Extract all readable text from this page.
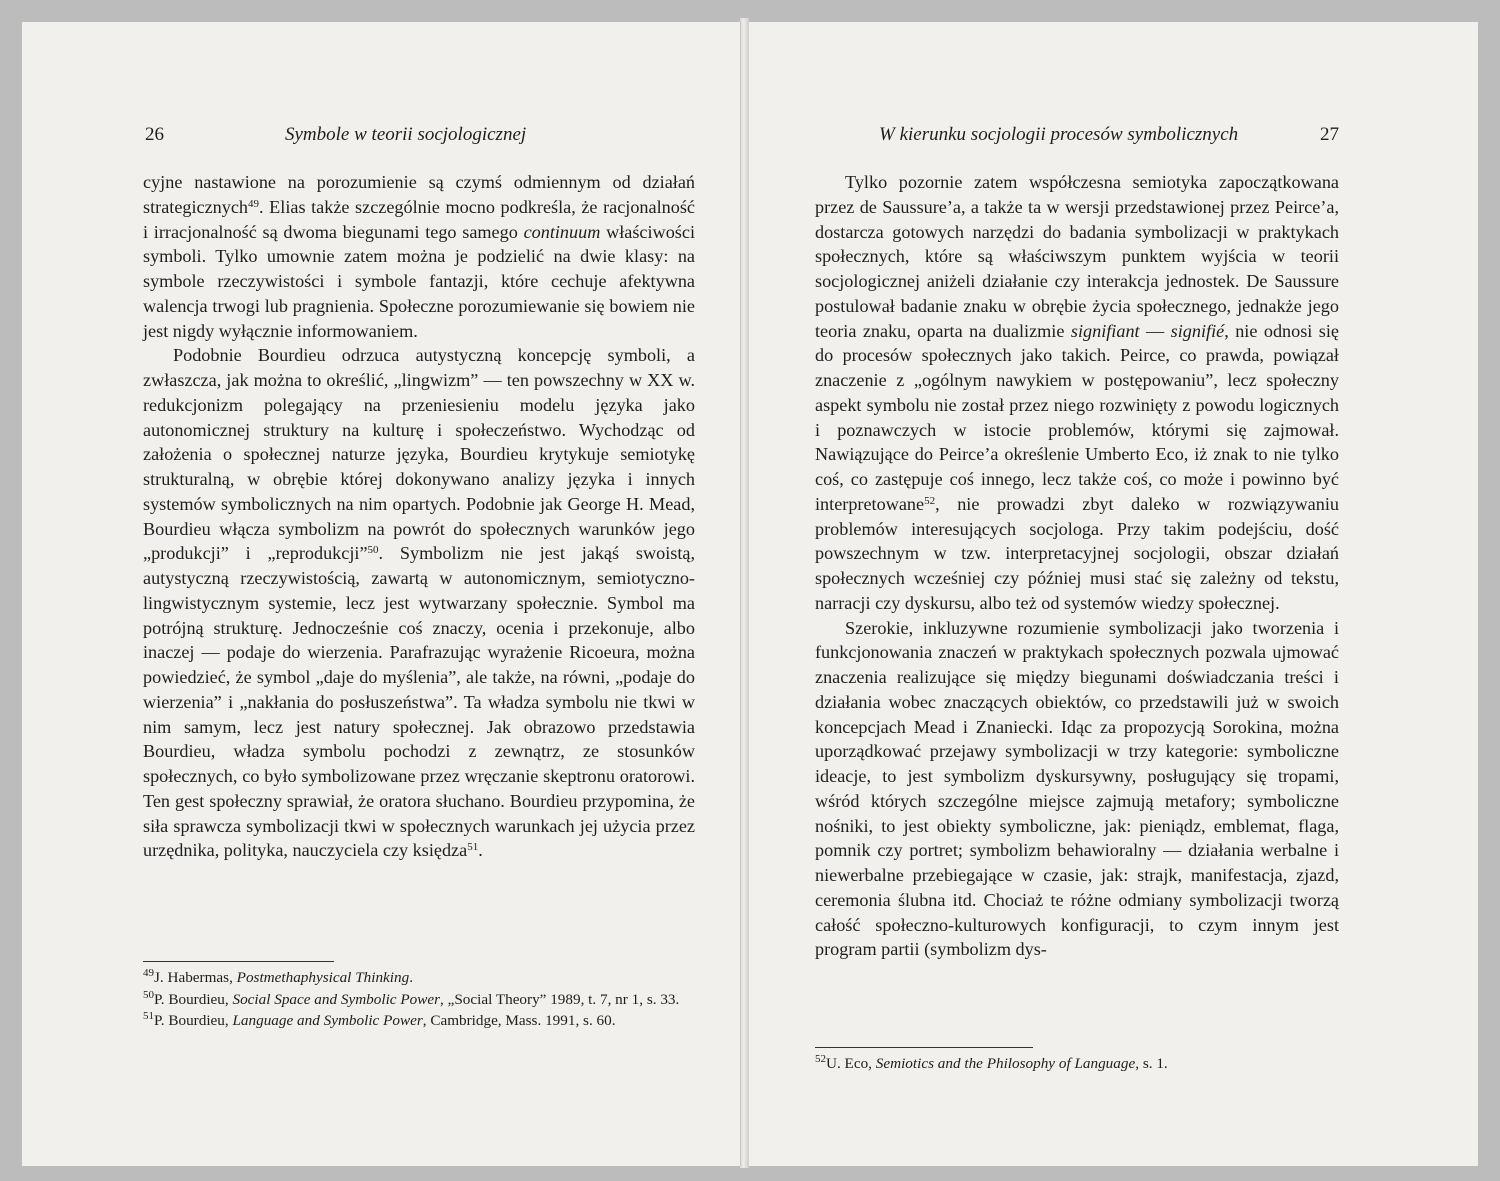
26	Symbole w teorii socjologicznej

cyjne nastawione na porozumienie są czymś odmiennym od działań strategicznych$^{49}$. Elias także szczególnie mocno podkreśla, że racjonalność i irracjonalność są dwoma biegunami tego samego continuum właściwości symboli. Tylko umownie zatem można je podzielić na dwie klasy: na symbole rzeczywistości i symbole fantazji, które cechuje afektywna walencja trwogi lub pragnienia. Społeczne porozumiewanie się bowiem nie jest nigdy wyłącznie informowaniem.

Podobnie Bourdieu odrzuca autystyczną koncepcję symboli, a zwłaszcza, jak można to określić, „lingwizm” — ten powszechny w XX w. redukcjonizm polegający na przeniesieniu modelu języka jako autonomicznej struktury na kulturę i społeczeństwo. Wychodząc od założenia o społecznej naturze języka, Bourdieu krytykuje semiotykę strukturalną, w obrębie której dokonywano analizy języka i innych systemów symbolicznych na nim opartych. Podobnie jak George H. Mead, Bourdieu włącza symbolizm na powrót do społecznych warunków jego „produkcji” i „reprodukcji”$^{50}$. Symbolizm nie jest jakąś swoistą, autystyczną rzeczywistością, zawartą w autonomicznym, semiotyczno-lingwistycznym systemie, lecz jest wytwarzany społecznie. Symbol ma potrójną strukturę. Jednocześnie coś znaczy, ocenia i przekonuje, albo inaczej — podaje do wierzenia. Parafrazując wyrażenie Ricoeura, można powiedzieć, że symbol „daje do myślenia”, ale także, na równi, „podaje do wierzenia” i „nakłania do posłuszeństwa”. Ta władza symbolu nie tkwi w nim samym, lecz jest natury społecznej. Jak obrazowo przedstawia Bourdieu, władza symbolu pochodzi z zewnątrz, ze stosunków społecznych, co było symbolizowane przez wręczanie skeptronu oratorowi. Ten gest społeczny sprawiał, że oratora słuchano. Bourdieu przypomina, że siła sprawcza symbolizacji tkwi w społecznych warunkach jej użycia przez urzędnika, polityka, nauczyciela czy księdza$^{51}$.

$^{49}$J. Habermas, Postmethaphysical Thinking.

$^{50}$P. Bourdieu, Social Space and Symbolic Power, „Social Theory” 1989, t. 7, nr 1, s. 33.

$^{51}$P. Bourdieu, Language and Symbolic Power, Cambridge, Mass. 1991, s. 60.

W kierunku socjologii procesów symbolicznych	27

Tylko pozornie zatem współczesna semiotyka zapoczątkowana przez de Saussure’a, a także ta w wersji przedstawionej przez Peirce’a, dostarcza gotowych narzędzi do badania symbolizacji w praktykach społecznych, które są właściwszym punktem wyjścia w teorii socjologicznej aniżeli działanie czy interakcja jednostek. De Saussure postulował badanie znaku w obrębie życia społecznego, jednakże jego teoria znaku, oparta na dualizmie signifiant — signifié, nie odnosi się do procesów społecznych jako takich. Peirce, co prawda, powiązał znaczenie z „ogólnym nawykiem w postępowaniu”, lecz społeczny aspekt symbolu nie został przez niego rozwinięty z powodu logicznych i poznawczych w istocie problemów, którymi się zajmował. Nawiązujące do Peirce’a określenie Umberto Eco, iż znak to nie tylko coś, co zastępuje coś innego, lecz także coś, co może i powinno być interpretowane$^{52}$, nie prowadzi zbyt daleko w rozwiązywaniu problemów interesujących socjologa. Przy takim podejściu, dość powszechnym w tzw. interpretacyjnej socjologii, obszar działań społecznych wcześniej czy później musi stać się zależny od tekstu, narracji czy dyskursu, albo też od systemów wiedzy społecznej.

Szerokie, inkluzywne rozumienie symbolizacji jako tworzenia i funkcjonowania znaczeń w praktykach społecznych pozwala ujmować znaczenia realizujące się między biegunami doświadczania treści i działania wobec znaczących obiektów, co przedstawili już w swoich koncepcjach Mead i Znaniecki. Idąc za propozycją Sorokina, można uporządkować przejawy symbolizacji w trzy kategorie: symboliczne ideacje, to jest symbolizm dyskursywny, posługujący się tropami, wśród których szczególne miejsce zajmują metafory; symboliczne nośniki, to jest obiekty symboliczne, jak: pieniądz, emblemat, flaga, pomnik czy portret; symbolizm behawioralny — działania werbalne i niewerbalne przebiegające w czasie, jak: strajk, manifestacja, zjazd, ceremonia ślubna itd. Chociaż te różne odmiany symbolizacji tworzą całość społeczno-kulturowych konfiguracji, to czym innym jest program partii (symbolizm dys-

$^{52}$U. Eco, Semiotics and the Philosophy of Language, s. 1.
